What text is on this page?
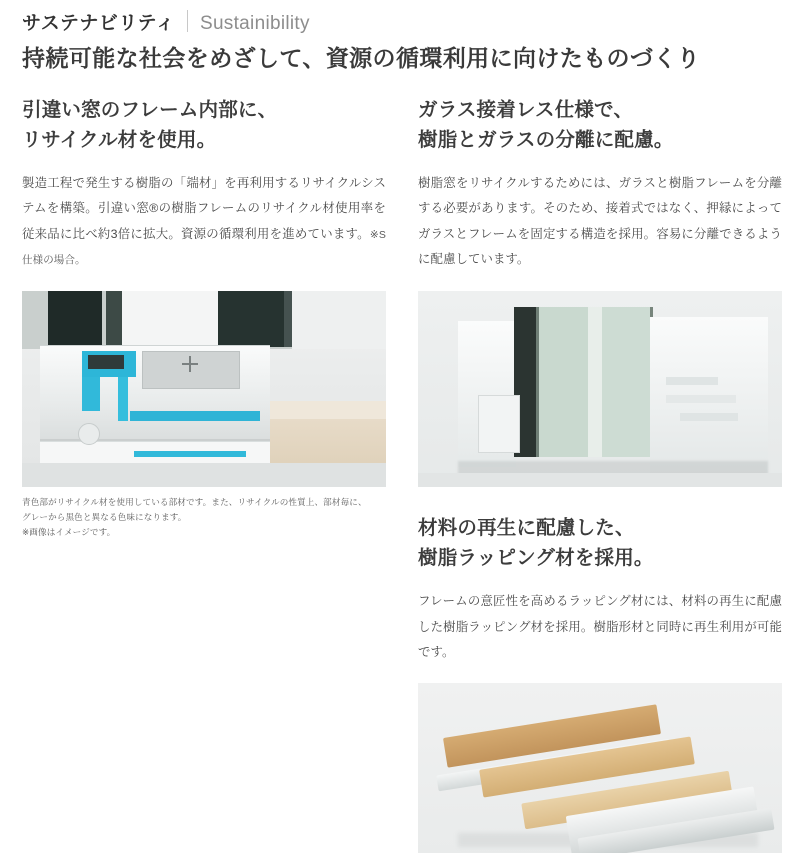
サステナビリティ Sustainibility
持続可能な社会をめざして、資源の循環利用に向けたものづくり
引違い窓のフレーム内部に、
リサイクル材を使用。

製造工程で発生する樹脂の「端材」を再利用するリサイクルシステムを構築。引違い窓®の樹脂フレームのリサイクル材使用率を従来品に比べ約3倍に拡大。資源の循環利用を進めています。※S仕様の場合。

青色部がリサイクル材を使用している部材です。また、リサイクルの性質上、部材毎に、
グレーから黒色と異なる色味になります。
※画像はイメージです。
ガラス接着レス仕様で、
樹脂とガラスの分離に配慮。

樹脂窓をリサイクルするためには、ガラスと樹脂フレームを分離する必要があります。そのため、接着式ではなく、押縁によってガラスとフレームを固定する構造を採用。容易に分離できるように配慮しています。

材料の再生に配慮した、
樹脂ラッピング材を採用。

フレームの意匠性を高めるラッピング材には、材料の再生に配慮した樹脂ラッピング材を採用。樹脂形材と同時に再生利用が可能です。
